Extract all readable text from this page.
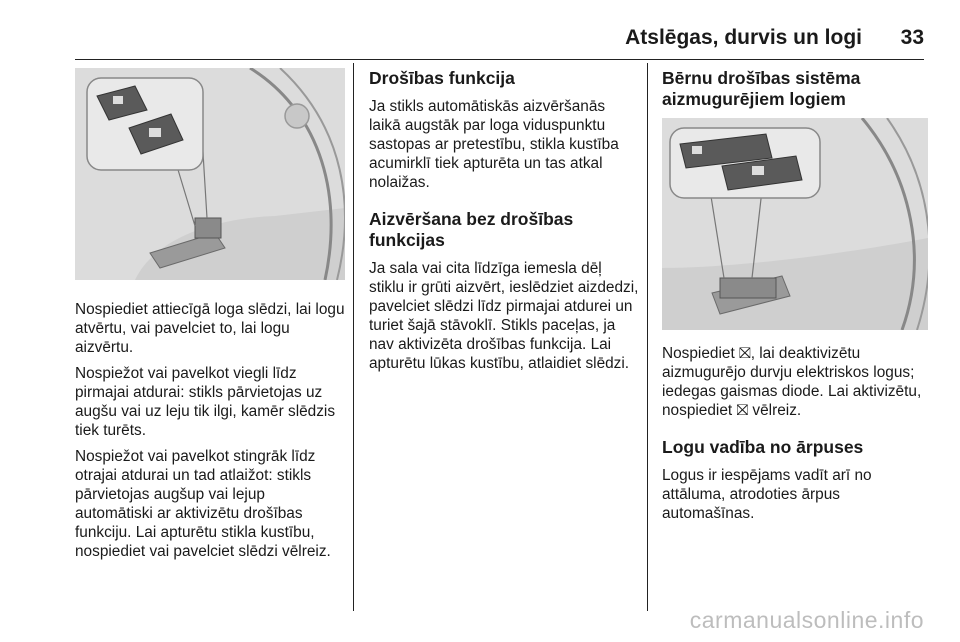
Atslēgas, durvis un logi 33

Nospiediet attiecīgā loga slēdzi, lai logu atvērtu, vai pavelciet to, lai logu aizvērtu.

Nospiežot vai pavelkot viegli līdz pirmajai atdurai: stikls pārvietojas uz augšu vai uz leju tik ilgi, kamēr slēdzis tiek turēts.

Nospiežot vai pavelkot stingrāk līdz otrajai atdurai un tad atlaižot: stikls pārvietojas augšup vai lejup automātiski ar aktivizētu drošības funkciju. Lai apturētu stikla kustību, nospiediet vai pavelciet slēdzi vēlreiz.

Drošības funkcija

Ja stikls automātiskās aizvēršanās laikā augstāk par loga viduspunktu sastopas ar pretestību, stikla kustība acumirklī tiek apturēta un tas atkal nolaižas.

Aizvēršana bez drošības funkcijas

Ja sala vai cita līdzīga iemesla dēļ stiklu ir grūti aizvērt, ieslēdziet aizdedzi, pavelciet slēdzi līdz pirmajai atdurei un turiet šajā stāvoklī. Stikls paceļas, ja nav aktivizēta drošības funkcija. Lai apturētu lūkas kustību, atlaidiet slēdzi.

Bērnu drošības sistēma aizmugurējiem logiem

Nospiediet ⛝, lai deaktivizētu aizmugurējo durvju elektriskos logus; iedegas gaismas diode. Lai aktivizētu, nospiediet ⛝ vēlreiz.

Logu vadība no ārpuses

Logus ir iespējams vadīt arī no attāluma, atrodoties ārpus automašīnas.

carmanualsonline.info
